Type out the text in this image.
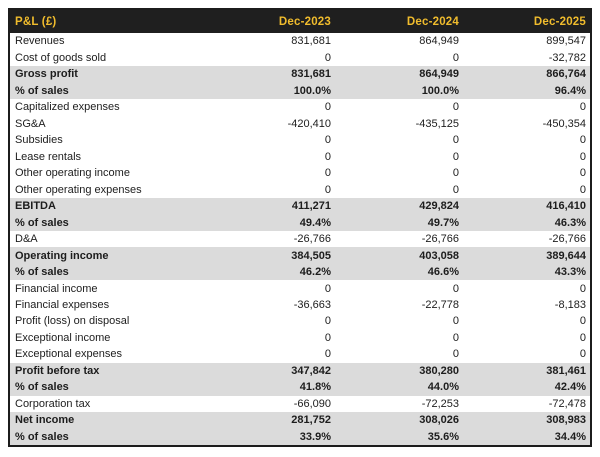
P&L (£)	Dec-2023	Dec-2024	Dec-2025
Revenues	831,681	864,949	899,547
Cost of goods sold	0	0	-32,782
Gross profit	831,681	864,949	866,764
% of sales	100.0%	100.0%	96.4%
Capitalized expenses	0	0	0
SG&A	-420,410	-435,125	-450,354
Subsidies	0	0	0
Lease rentals	0	0	0
Other operating income	0	0	0
Other operating expenses	0	0	0
EBITDA	411,271	429,824	416,410
% of sales	49.4%	49.7%	46.3%
D&A	-26,766	-26,766	-26,766
Operating income	384,505	403,058	389,644
% of sales	46.2%	46.6%	43.3%
Financial income	0	0	0
Financial expenses	-36,663	-22,778	-8,183
Profit (loss) on disposal	0	0	0
Exceptional income	0	0	0
Exceptional expenses	0	0	0
Profit before tax	347,842	380,280	381,461
% of sales	41.8%	44.0%	42.4%
Corporation tax	-66,090	-72,253	-72,478
Net income	281,752	308,026	308,983
% of sales	33.9%	35.6%	34.4%
